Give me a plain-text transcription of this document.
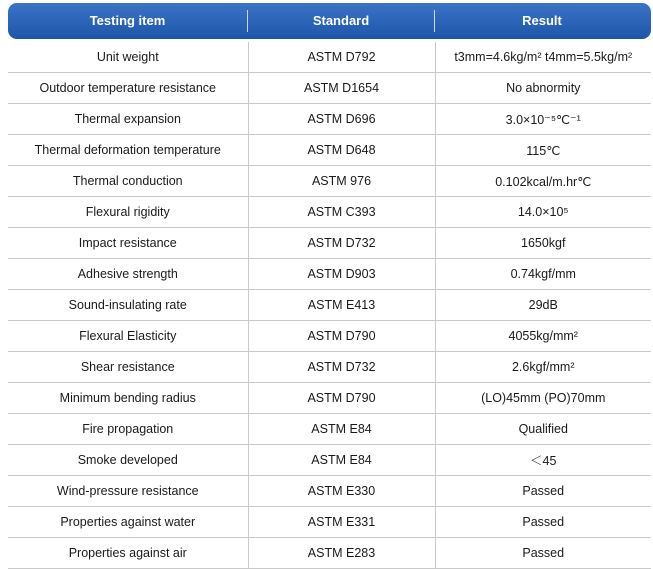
Testing item	Standard	Result
Unit weight	ASTM D792	t3mm=4.6kg/m² t4mm=5.5kg/m²
Outdoor temperature resistance	ASTM D1654	No abnormity
Thermal expansion	ASTM D696	3.0×10⁻⁵℃⁻¹
Thermal deformation temperature	ASTM D648	115℃
Thermal conduction	ASTM 976	0.102kcal/m.hr℃
Flexural rigidity	ASTM C393	14.0×10⁵
Impact resistance	ASTM D732	1650kgf
Adhesive strength	ASTM D903	0.74kgf/mm
Sound-insulating rate	ASTM E413	29dB
Flexural Elasticity	ASTM D790	4055kg/mm²
Shear resistance	ASTM D732	2.6kgf/mm²
Minimum bending radius	ASTM D790	(LO)45mm (PO)70mm
Fire propagation	ASTM E84	Qualified
Smoke developed	ASTM E84	＜45
Wind-pressure resistance	ASTM E330	Passed
Properties against water	ASTM E331	Passed
Properties against air	ASTM E283	Passed
